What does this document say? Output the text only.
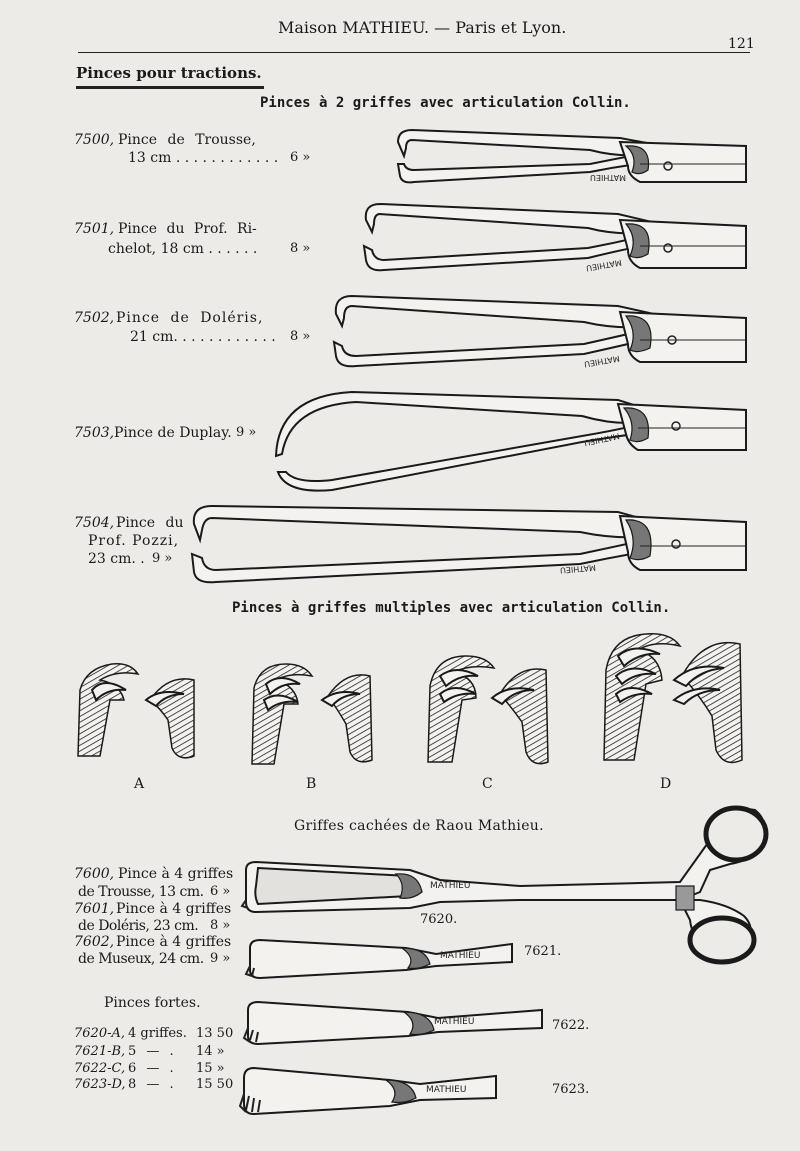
Maison MATHIEU. — Paris et Lyon.
121
Pinces pour tractions.
Pinces à 2 griffes avec articulation Collin.
7500, Pince de Trousse,
13 cm . . . . . . . . . . . . 6 »
7501, Pince du Prof. Ri-
chelot, 18 cm . . . . . .	8 »
7502, Pince de Doléris,
21 cm. . . . . . . . . . . . 8 »
7503, Pince de Duplay. 9 »
7504, Pince du
Prof. Pozzi,
23 cm. . 9 »
MATHIEU
MATHIEU
MATHIEU
MATHIEU
MATHIEU
Pinces à griffes multiples avec articulation Collin.
A	B	C	D
Griffes cachées de Raou Mathieu.
7600, Pince à 4 griffes
de Trousse, 13 cm. 6 »
7601, Pince à 4 griffes
de Doléris, 23 cm. 8 »
7602, Pince à 4 griffes
de Museux, 24 cm. 9 »
Pinces fortes.
7620-A, 4 griffes. 13 50
7621-B, 5 — . 14 »
7622-C, 6 — . 15 »
7623-D, 8 — . 15 50
MATHIEU
7620.
MATHIEU	7621.
MATHIEU	7622.
MATHIEU	7623.
